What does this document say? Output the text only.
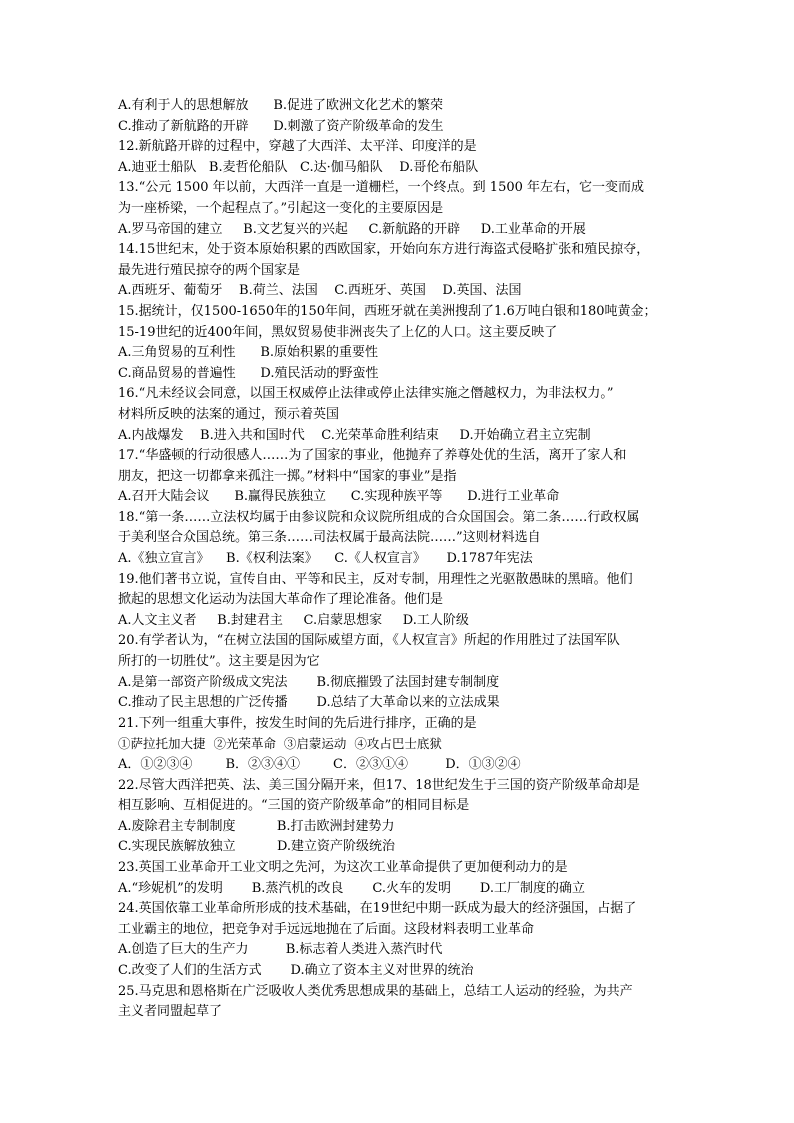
A.有利于人的思想解放      B.促进了欧洲文化艺术的繁荣
C.推动了新航路的开辟      D.刺激了资产阶级革命的发生
12.新航路开辟的过程中，穿越了大西洋、太平洋、印度洋的是
A.迪亚士船队   B.麦哲伦船队   C.达·伽马船队    D.哥伦布船队
13.“公元 1500 年以前，大西洋一直是一道栅栏，一个终点。到 1500 年左右，它一变而成
为一座桥梁，一个起程点了。”引起这一变化的主要原因是
A.罗马帝国的建立     B.文艺复兴的兴起     C.新航路的开辟     D.工业革命的开展
14.15世纪末，处于资本原始积累的西欧国家，开始向东方进行海盗式侵略扩张和殖民掠夺，
最先进行殖民掠夺的两个国家是
A.西班牙、葡萄牙    B.荷兰、法国    C.西班牙、英国    D.英国、法国
15.据统计，仅1500-1650年的150年间，西班牙就在美洲搜刮了1.6万吨白银和180吨黄金；
15-19世纪的近400年间，黑奴贸易使非洲丧失了上亿的人口。这主要反映了
A.三角贸易的互利性      B.原始积累的重要性
C.商品贸易的普遍性      D.殖民活动的野蛮性
16.“凡未经议会同意，以国王权威停止法律或停止法律实施之僭越权力，为非法权力。”
材料所反映的法案的通过，预示着英国
A.内战爆发    B.进入共和国时代    C.光荣革命胜利结束     D.开始确立君主立宪制
17.“华盛顿的行动很感人……为了国家的事业，他抛弃了养尊处优的生活，离开了家人和
朋友，把这一切都拿来孤注一掷。”材料中“国家的事业”是指
A.召开大陆会议      B.赢得民族独立      C.实现种族平等      D.进行工业革命
18.“第一条……立法权均属于由参议院和众议院所组成的合众国国会。第二条……行政权属
于美利坚合众国总统。第三条……司法权属于最高法院……”这则材料选自
A.《独立宣言》    B.《权利法案》    C.《人权宣言》     D.1787年宪法
19.他们著书立说，宣传自由、平等和民主，反对专制，用理性之光驱散愚昧的黑暗。他们
掀起的思想文化运动为法国大革命作了理论准备。他们是
A.人文主义者     B.封建君主     C.启蒙思想家     D.工人阶级
20.有学者认为，“在树立法国的国际威望方面，《人权宣言》所起的作用胜过了法国军队
所打的一切胜仗”。这主要是因为它
A.是第一部资产阶级成文宪法       B.彻底摧毁了法国封建专制制度
C.推动了民主思想的广泛传播       D.总结了大革命以来的立法成果
21.下列一组重大事件，按发生时间的先后进行排序，正确的是
①萨拉托加大捷  ②光荣革命  ③启蒙运动  ④攻占巴士底狱
A．①②③④        B．②③④①        C．②③①④         D．①③②④
22.尽管大西洋把英、法、美三国分隔开来，但17、18世纪发生于三国的资产阶级革命却是
相互影响、互相促进的。“三国的资产阶级革命”的相同目标是
A.废除君主专制制度          B.打击欧洲封建势力
C.实现民族解放独立          D.建立资产阶级统治
23.英国工业革命开工业文明之先河，为这次工业革命提供了更加便利动力的是
A.“珍妮机”的发明       B.蒸汽机的改良       C.火车的发明       D.工厂制度的确立
24.英国依靠工业革命所形成的技术基础，在19世纪中期一跃成为最大的经济强国，占据了
工业霸主的地位，把竞争对手远远地抛在了后面。这段材料表明工业革命
A.创造了巨大的生产力         B.标志着人类进入蒸汽时代
C.改变了人们的生活方式       D.确立了资本主义对世界的统治
25.马克思和恩格斯在广泛吸收人类优秀思想成果的基础上，总结工人运动的经验，为共产
主义者同盟起草了
